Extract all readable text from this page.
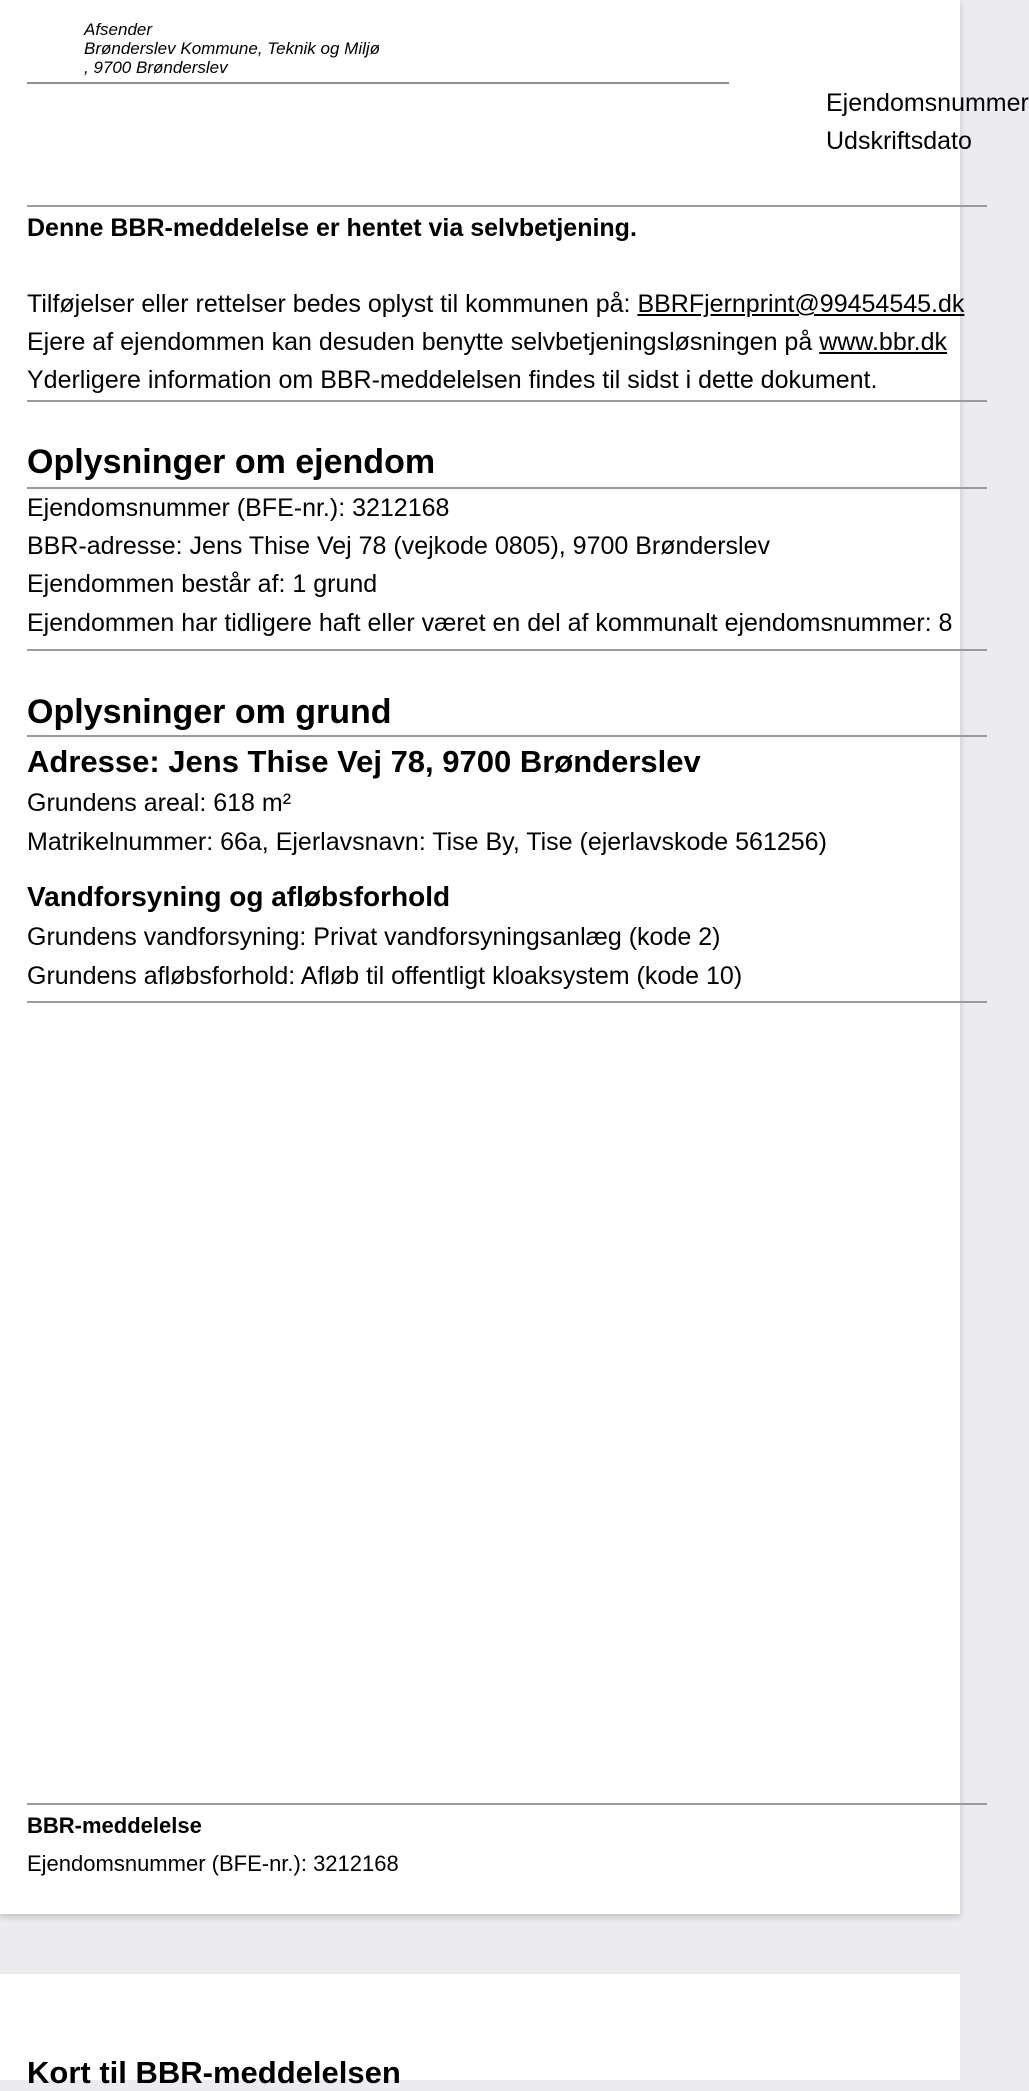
Afsender
Brønderslev Kommune, Teknik og Miljø
, 9700 Brønderslev
Ejendomsnummer
Udskriftsdato
Denne BBR-meddelelse er hentet via selvbetjening.
Tilføjelser eller rettelser bedes oplyst til kommunen på: BBRFjernprint@99454545.dk
Ejere af ejendommen kan desuden benytte selvbetjeningsløsningen på www.bbr.dk
Yderligere information om BBR-meddelelsen findes til sidst i dette dokument.
Oplysninger om ejendom
Ejendomsnummer (BFE-nr.): 3212168
BBR-adresse: Jens Thise Vej 78 (vejkode 0805), 9700 Brønderslev
Ejendommen består af: 1 grund
Ejendommen har tidligere haft eller været en del af kommunalt ejendomsnummer: 8
Oplysninger om grund
Adresse: Jens Thise Vej 78, 9700 Brønderslev
Grundens areal: 618 m²
Matrikelnummer: 66a, Ejerlavsnavn: Tise By, Tise (ejerlavskode 561256)
Vandforsyning og afløbsforhold
Grundens vandforsyning: Privat vandforsyningsanlæg (kode 2)
Grundens afløbsforhold: Afløb til offentligt kloaksystem (kode 10)
BBR-meddelelse
Ejendomsnummer (BFE-nr.): 3212168
Kort til BBR-meddelelsen
